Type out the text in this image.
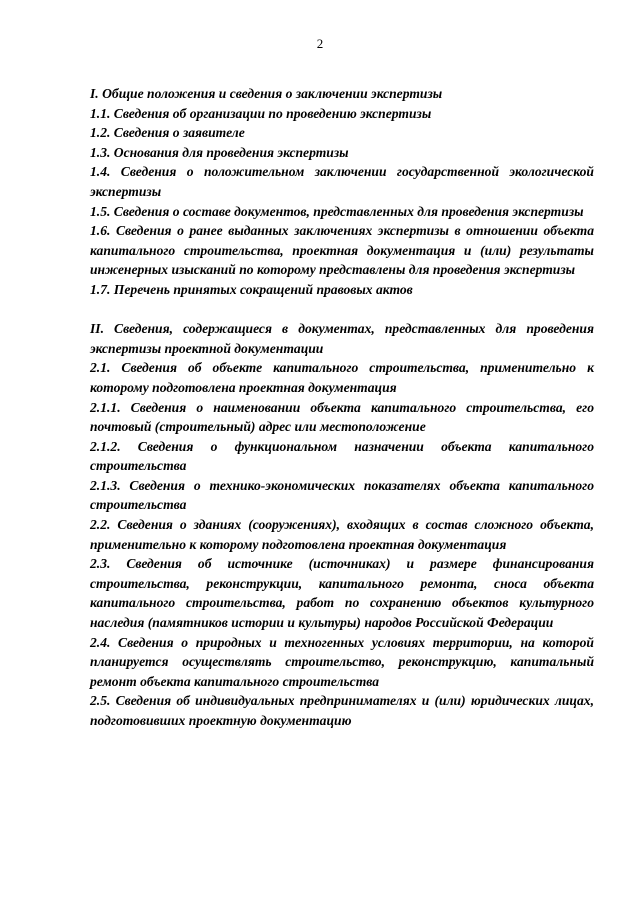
2

I. Общие положения и сведения о заключении экспертизы

1.1. Сведения об организации по проведению экспертизы

1.2. Сведения о заявителе

1.3. Основания для проведения экспертизы

1.4. Сведения о положительном заключении государственной экологической экспертизы

1.5. Сведения о составе документов, представленных для проведения экспертизы

1.6. Сведения о ранее выданных заключениях экспертизы в отношении объекта капитального строительства, проектная документация и (или) результаты инженерных изысканий по которому представлены для проведения экспертизы

1.7. Перечень принятых сокращений правовых актов

II. Сведения, содержащиеся в документах, представленных для проведения экспертизы проектной документации

2.1. Сведения об объекте капитального строительства, применительно к которому подготовлена проектная документация

2.1.1. Сведения о наименовании объекта капитального строительства, его почтовый (строительный) адрес или местоположение

2.1.2. Сведения о функциональном назначении объекта капитального строительства

2.1.3. Сведения о технико-экономических показателях объекта капитального строительства

2.2. Сведения о зданиях (сооружениях), входящих в состав сложного объекта, применительно к которому подготовлена проектная документация

2.3. Сведения об источнике (источниках) и размере финансирования строительства, реконструкции, капитального ремонта, сноса объекта капитального строительства, работ по сохранению объектов культурного наследия (памятников истории и культуры) народов Российской Федерации

2.4. Сведения о природных и техногенных условиях территории, на которой планируется осуществлять строительство, реконструкцию, капитальный ремонт объекта капитального строительства

2.5. Сведения об индивидуальных предпринимателях и (или) юридических лицах, подготовивших проектную документацию
